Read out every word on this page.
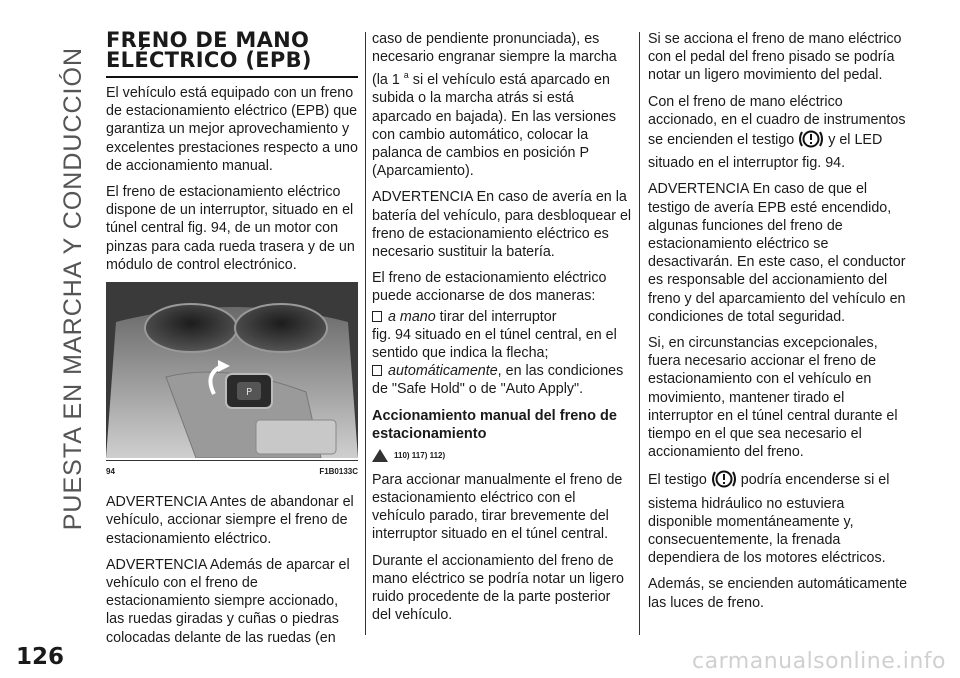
PUESTA EN MARCHA Y CONDUCCIÓN
126
FRENO DE MANO
ELÉCTRICO (EPB)

El vehículo está equipado con un freno de estacionamiento eléctrico (EPB) que garantiza un mejor aprovechamiento y excelentes prestaciones respecto a uno de accionamiento manual.

El freno de estacionamiento eléctrico dispone de un interruptor, situado en el túnel central fig. 94, de un motor con pinzas para cada rueda trasera y de un módulo de control electrónico.

P
94	F1B0133C

ADVERTENCIA Antes de abandonar el vehículo, accionar siempre el freno de estacionamiento eléctrico.

ADVERTENCIA Además de aparcar el vehículo con el freno de estacionamiento siempre accionado, las ruedas giradas y cuñas o piedras colocadas delante de las ruedas (en

caso de pendiente pronunciada), es necesario engranar siempre la marcha (la 1 $^a$ si el vehículo está aparcado en subida o la marcha atrás si está aparcado en bajada). En las versiones con cambio automático, colocar la palanca de cambios en posición P (Aparcamiento).

ADVERTENCIA En caso de avería en la batería del vehículo, para desbloquear el freno de estacionamiento eléctrico es necesario sustituir la batería.

El freno de estacionamiento eléctrico puede accionarse de dos maneras:

a mano tirar del interruptor
fig. 94 situado en el túnel central, en el sentido que indica la flecha;

automáticamente, en las condiciones de "Safe Hold" o de "Auto Apply".

Accionamiento manual del freno de estacionamiento
110) 117) 112)

Para accionar manualmente el freno de estacionamiento eléctrico con el vehículo parado, tirar brevemente del interruptor situado en el túnel central.

Durante el accionamiento del freno de mano eléctrico se podría notar un ligero ruido procedente de la parte posterior del vehículo.

Si se acciona el freno de mano eléctrico con el pedal del freno pisado se podría notar un ligero movimiento del pedal.

Con el freno de mano eléctrico accionado, en el cuadro de instrumentos se encienden el testigo y el LED situado en el interruptor fig. 94.

ADVERTENCIA En caso de que el testigo de avería EPB esté encendido, algunas funciones del freno de estacionamiento eléctrico se desactivarán. En este caso, el conductor es responsable del accionamiento del freno y del aparcamiento del vehículo en condiciones de total seguridad.

Si, en circunstancias excepcionales, fuera necesario accionar el freno de estacionamiento con el vehículo en movimiento, mantener tirado el interruptor en el túnel central durante el tiempo en el que sea necesario el accionamiento del freno.

El testigo podría encenderse si el sistema hidráulico no estuviera disponible momentáneamente y, consecuentemente, la frenada dependiera de los motores eléctricos.

Además, se encienden automáticamente las luces de freno.

carmanualsonline.info
